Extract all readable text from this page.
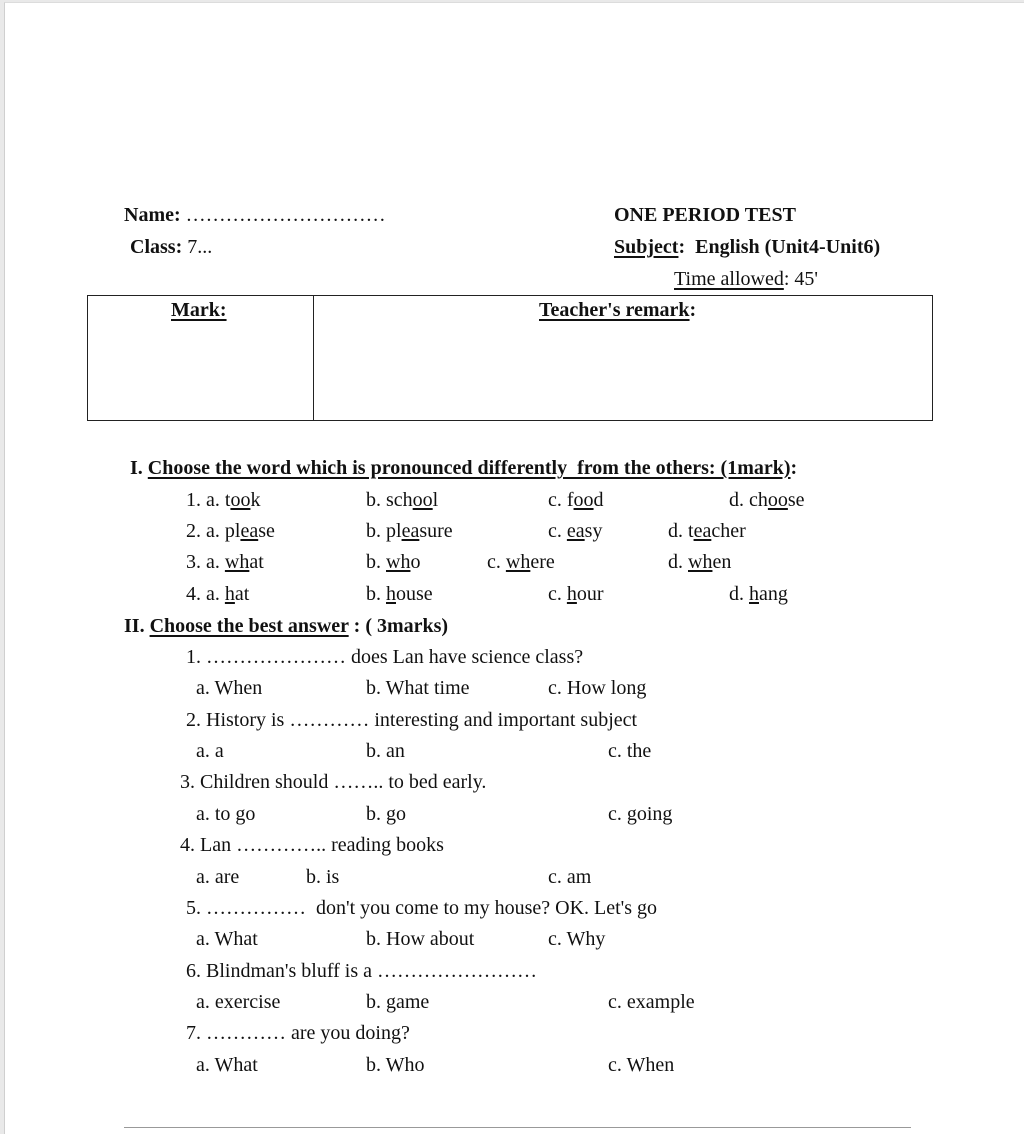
Name: …………………………
Class: 7...
ONE PERIOD TEST
Subject:  English (Unit4-Unit6)
Time allowed: 45'
Mark:	Teacher's remark:
I. Choose the word which is pronounced differently  from the others: (1mark):
1. a. took	b. school	c. food	d. choose
2. a. please	b. pleasure	c. easy	d. teacher
3. a. what	b. who	c. where	d. when
4. a. hat	b. house	c. hour	d. hang
II. Choose the best answer : ( 3marks)
1. ………………… does Lan have science class?
a. When	b. What time	c. How long
2. History is ………… interesting and important subject
a. a	b. an	c. the
3. Children should …….. to bed early.
a. to go	b. go	c. going
4. Lan ………….. reading books
a. are	b. is	c. am
5. ……………  don't you come to my house? OK. Let's go
a. What	b. How about	c. Why
6. Blindman's bluff is a ……………………
a. exercise	b. game	c. example
7. ………… are you doing?
a. What	b. Who	c. When
